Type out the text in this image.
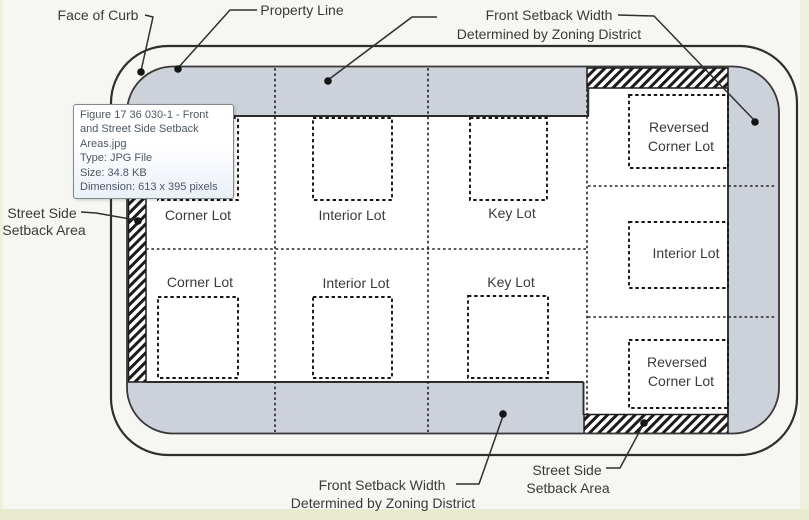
Face of Curb	Property Line	Front Setback Width
Determined by Zoning District
Street Side
Setback Area
Front Setback Width
Determined by Zoning District
Street Side
Setback Area
Corner Lot	Interior Lot	Key Lot
Corner Lot	Interior Lot	Key Lot
Reversed
Corner Lot
Interior Lot
Reversed
Corner Lot
Figure 17 36 030-1 - Front
and Street Side Setback
Areas.jpg
Type: JPG File
Size: 34.8 KB
Dimension: 613 x 395 pixels
